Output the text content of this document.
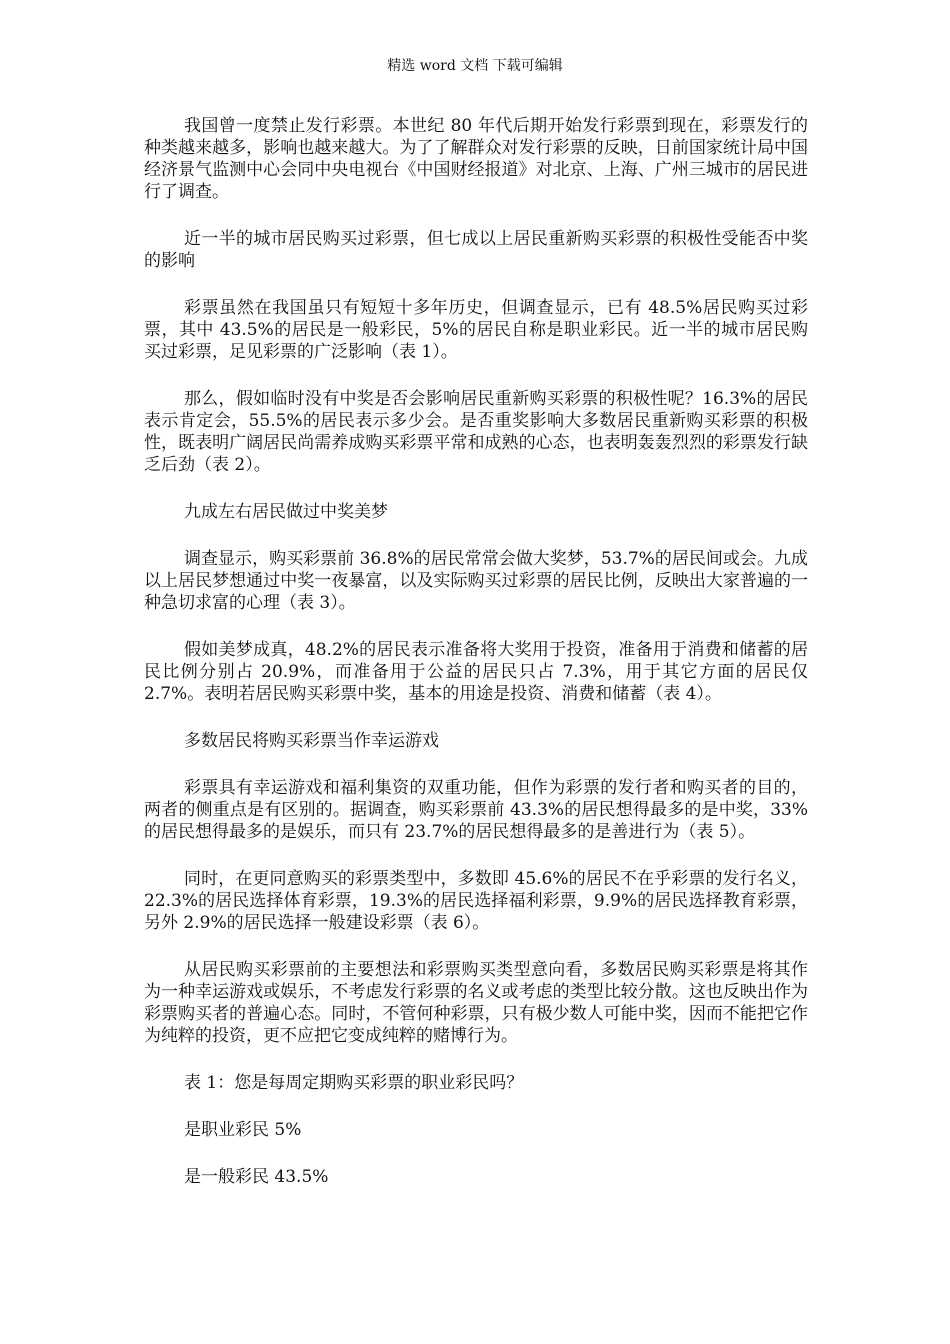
精选 word 文档 下载可编辑

我国曾一度禁止发行彩票。本世纪 80 年代后期开始发行彩票到现在，彩票发行的种类越来越多，影响也越来越大。为了了解群众对发行彩票的反映，日前国家统计局中国经济景气监测中心会同中央电视台《中国财经报道》对北京、上海、广州三城市的居民进行了调查。

近一半的城市居民购买过彩票，但七成以上居民重新购买彩票的积极性受能否中奖的影响

彩票虽然在我国虽只有短短十多年历史，但调查显示，已有 48.5%居民购买过彩票，其中 43.5%的居民是一般彩民，5%的居民自称是职业彩民。近一半的城市居民购买过彩票，足见彩票的广泛影响（表 1）。

那么，假如临时没有中奖是否会影响居民重新购买彩票的积极性呢？16.3%的居民表示肯定会，55.5%的居民表示多少会。是否重奖影响大多数居民重新购买彩票的积极性，既表明广阔居民尚需养成购买彩票平常和成熟的心态，也表明轰轰烈烈的彩票发行缺乏后劲（表 2）。

九成左右居民做过中奖美梦

调查显示，购买彩票前 36.8%的居民常常会做大奖梦，53.7%的居民间或会。九成以上居民梦想通过中奖一夜暴富，以及实际购买过彩票的居民比例，反映出大家普遍的一种急切求富的心理（表 3）。

假如美梦成真，48.2%的居民表示准备将大奖用于投资，准备用于消费和储蓄的居民比例分别占 20.9%，而准备用于公益的居民只占 7.3%，用于其它方面的居民仅 2.7%。表明若居民购买彩票中奖，基本的用途是投资、消费和储蓄（表 4）。

多数居民将购买彩票当作幸运游戏

彩票具有幸运游戏和福利集资的双重功能，但作为彩票的发行者和购买者的目的，两者的侧重点是有区别的。据调查，购买彩票前 43.3%的居民想得最多的是中奖，33%的居民想得最多的是娱乐，而只有 23.7%的居民想得最多的是善进行为（表 5）。

同时，在更同意购买的彩票类型中，多数即 45.6%的居民不在乎彩票的发行名义，22.3%的居民选择体育彩票，19.3%的居民选择福利彩票，9.9%的居民选择教育彩票，另外 2.9%的居民选择一般建设彩票（表 6）。

从居民购买彩票前的主要想法和彩票购买类型意向看，多数居民购买彩票是将其作为一种幸运游戏或娱乐，不考虑发行彩票的名义或考虑的类型比较分散。这也反映出作为彩票购买者的普遍心态。同时，不管何种彩票，只有极少数人可能中奖，因而不能把它作为纯粹的投资，更不应把它变成纯粹的赌博行为。

表 1：您是每周定期购买彩票的职业彩民吗？

是职业彩民 5%

是一般彩民 43.5%
